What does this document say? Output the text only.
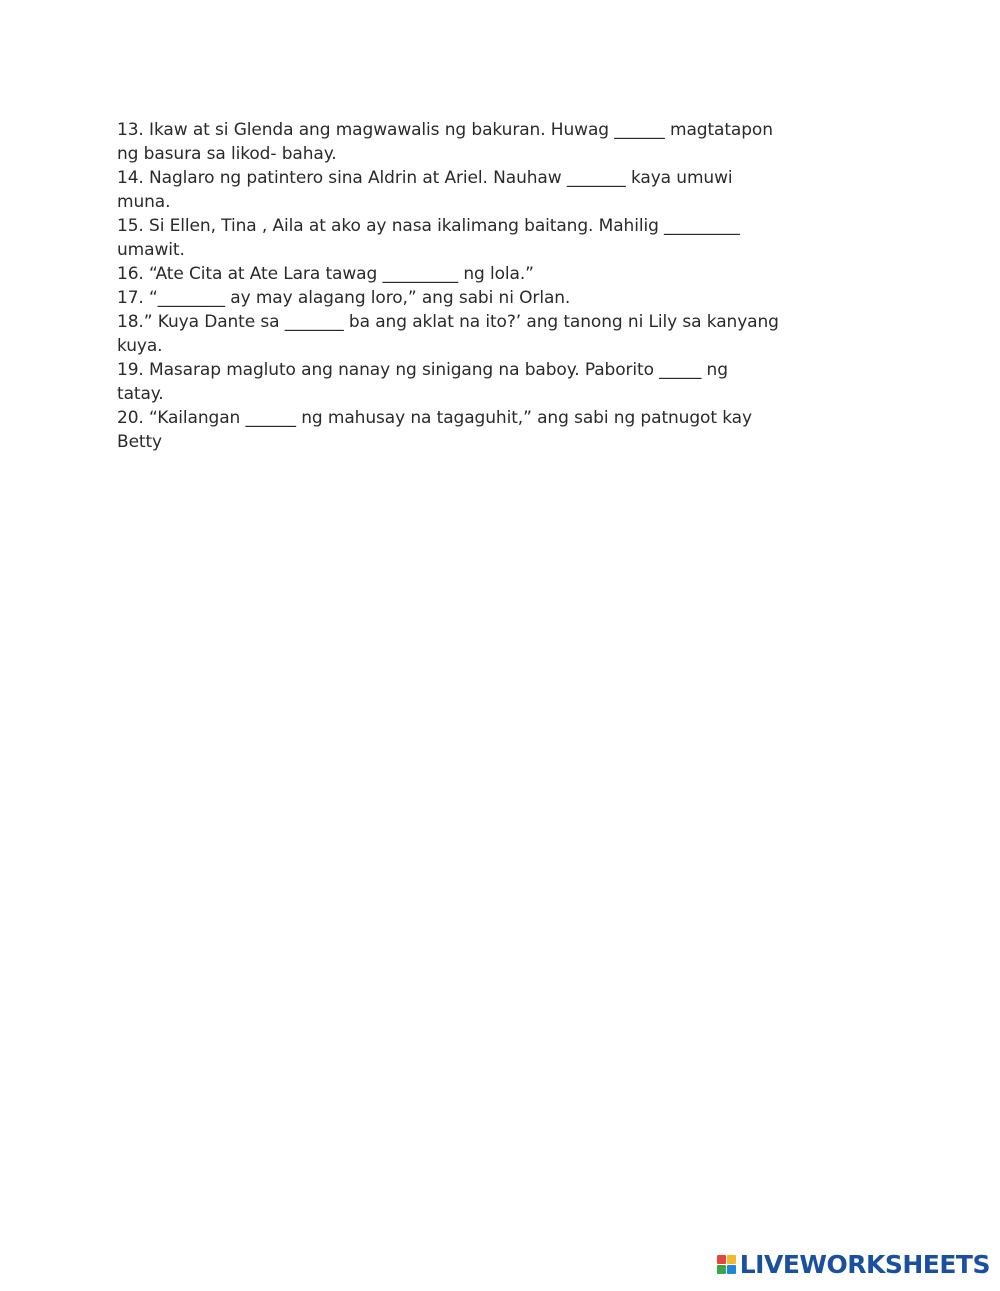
13. Ikaw at si Glenda ang magwawalis ng bakuran. Huwag ______ magtatapon

ng basura sa likod- bahay.

14. Naglaro ng patintero sina Aldrin at Ariel. Nauhaw _______ kaya umuwi

muna.

15. Si Ellen, Tina , Aila at ako ay nasa ikalimang baitang. Mahilig _________

umawit.

16. “Ate Cita at Ate Lara tawag _________ ng lola.”

17. “________ ay may alagang loro,” ang sabi ni Orlan.

18.” Kuya Dante sa _______ ba ang aklat na ito?’ ang tanong ni Lily sa kanyang

kuya.

19. Masarap magluto ang nanay ng sinigang na baboy. Paborito _____ ng

tatay.

20. “Kailangan ______ ng mahusay na tagaguhit,” ang sabi ng patnugot kay

Betty

LIVEWORKSHEETS
